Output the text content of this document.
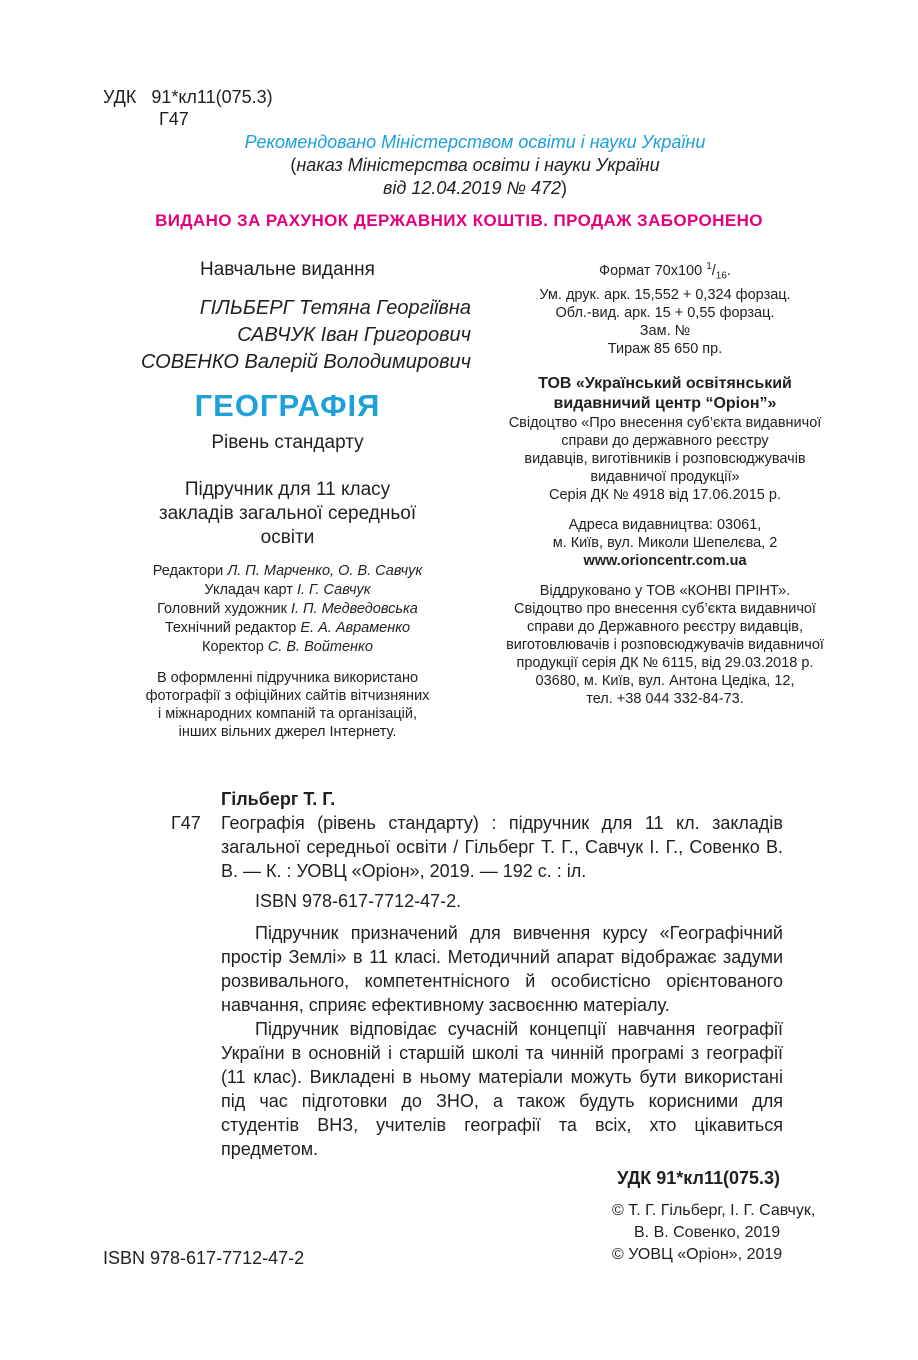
УДК 91*кл11(075.3)
Г47
Рекомендовано Міністерством освіти і науки України
(наказ Міністерства освіти і науки України
від 12.04.2019 № 472)
ВИДАНО ЗА РАХУНОК ДЕРЖАВНИХ КОШТІВ. ПРОДАЖ ЗАБОРОНЕНО
Навчальне видання
ГІЛЬБЕРГ Тетяна Георгіївна
САВЧУК Іван Григорович
СОВЕНКО Валерій Володимирович
ГЕОГРАФІЯ
Рівень стандарту
Підручник для 11 класу
закладів загальної середньої
освіти
Редактори Л. П. Марченко, О. В. Савчук
Укладач карт І. Г. Савчук
Головний художник І. П. Медведовська
Технічний редактор Е. А. Авраменко
Коректор С. В. Войтенко
В оформленні підручника використано
фотографії з офіційних сайтів вітчизняних
і міжнародних компаній та організацій,
інших вільних джерел Інтернету.
Формат 70х100 $^1/_{16}$.
Ум. друк. арк. 15,552 + 0,324 форзац.
Обл.-вид. арк. 15 + 0,55 форзац.
Зам. №
Тираж 85 650 пр.
ТОВ «Український освітянський
видавничий центр “Оріон”»
Свідоцтво «Про внесення суб’єкта видавничої
справи до державного реєстру
видавців, виготівників і розповсюджувачів
видавничої продукції»
Серія ДК № 4918 від 17.06.2015 р.
Адреса видавництва: 03061,
м. Київ, вул. Миколи Шепелєва, 2
www.orioncentr.com.ua
Віддруковано у ТОВ «КОНВІ ПРІНТ».
Свідоцтво про внесення суб’єкта видавничої
справи до Державного реєстру видавців,
виготовлювачів і розповсюджувачів видавничої
продукції серія ДК № 6115, від 29.03.2018 р.
03680, м. Київ, вул. Антона Цедіка, 12,
тел. +38 044 332-84-73.
Гільберг Т. Г.
Г47	Географія (рівень стандарту) : підручник для 11 кл. закладів загальної середньої освіти / Гільберг Т. Г., Савчук І. Г., Совенко В. В. — К. : УОВЦ «Оріон», 2019. — 192 с. : іл.
ISBN 978-617-7712-47-2.

Підручник призначений для вивчення курсу «Географічний простір Землі» в 11 класі. Методичний апарат відображає задуми розвивального, компетентнісного й особистісно орієнтованого навчання, сприяє ефективному засвоєнню матеріалу.

Підручник відповідає сучасній концепції навчання географії України в основній і старшій школі та чинній програмі з географії (11 клас). Викладені в ньому матеріали можуть бути використані під час підготовки до ЗНО, а також будуть корисними для студентів ВНЗ, учителів географії та всіх, хто цікавиться предметом.

УДК 91*кл11(075.3)
© Т. Г. Гільберг, І. Г. Савчук,
В. В. Совенко, 2019
© УОВЦ «Оріон», 2019
ISBN 978-617-7712-47-2
